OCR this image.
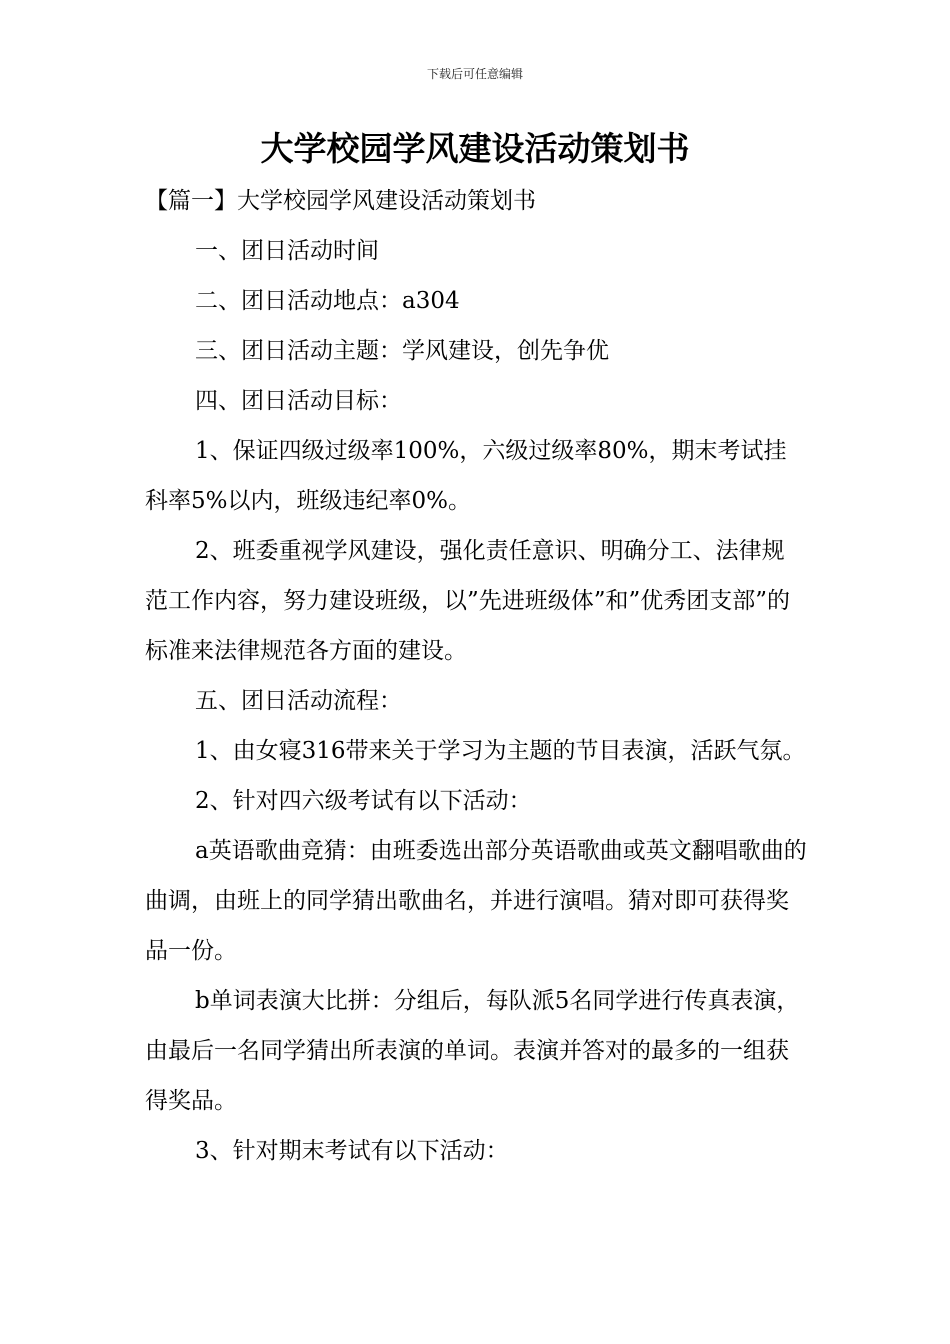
下载后可任意编辑
大学校园学风建设活动策划书

【篇一】大学校园学风建设活动策划书

一、团日活动时间

二、团日活动地点：a304

三、团日活动主题：学风建设，创先争优

四、团日活动目标：

1、保证四级过级率100%，六级过级率80%，期末考试挂科率5%以内，班级违纪率0%。

2、班委重视学风建设，强化责任意识、明确分工、法律规范工作内容，努力建设班级，以”先进班级体”和”优秀团支部”的标准来法律规范各方面的建设。

五、团日活动流程：

1、由女寝316带来关于学习为主题的节目表演，活跃气氛。

2、针对四六级考试有以下活动：

a英语歌曲竞猜：由班委选出部分英语歌曲或英文翻唱歌曲的曲调，由班上的同学猜出歌曲名，并进行演唱。猜对即可获得奖品一份。

b单词表演大比拼：分组后，每队派5名同学进行传真表演，由最后一名同学猜出所表演的单词。表演并答对的最多的一组获得奖品。

3、针对期末考试有以下活动：
